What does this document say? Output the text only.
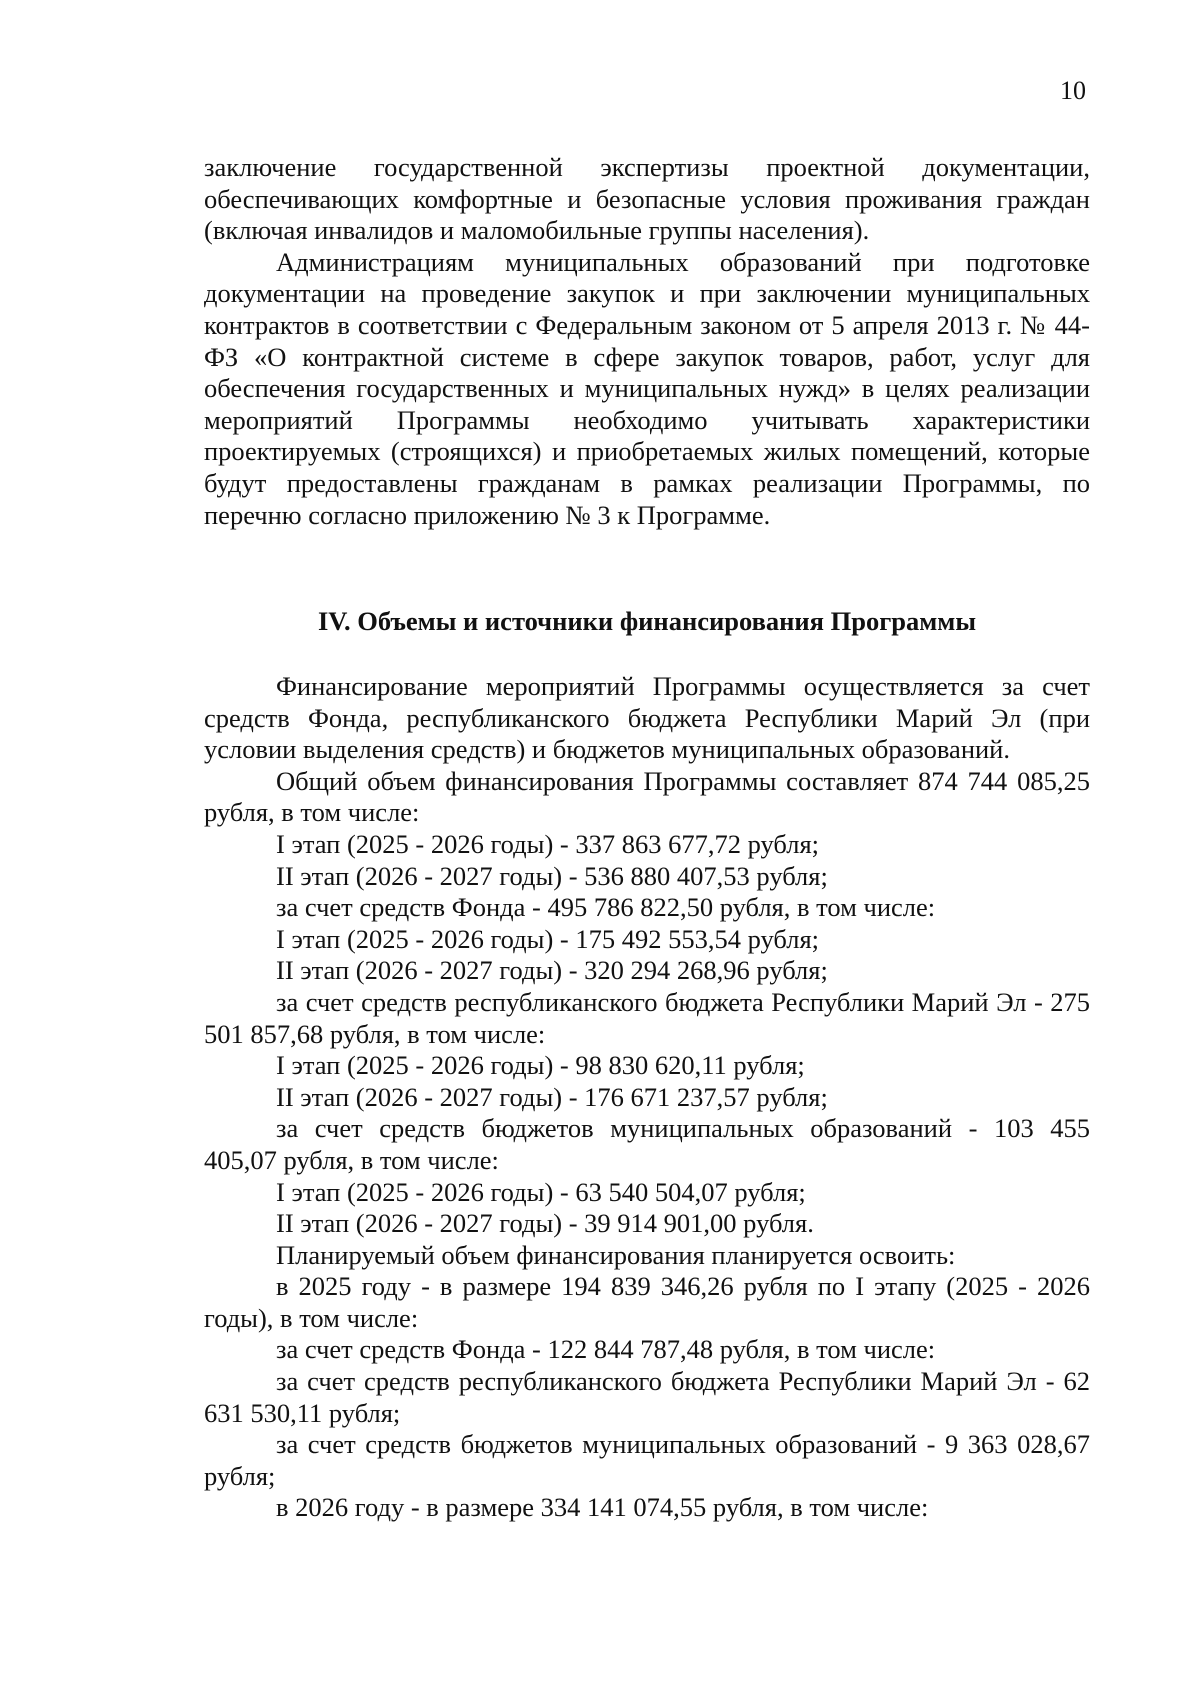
10

заключение государственной экспертизы проектной документации, обеспечивающих комфортные и безопасные условия проживания граждан (включая инвалидов и маломобильные группы населения).

Администрациям муниципальных образований при подготовке документации на проведение закупок и при заключении муниципальных контрактов в соответствии с Федеральным законом от 5 апреля 2013 г. № 44-ФЗ «О контрактной системе в сфере закупок товаров, работ, услуг для обеспечения государственных и муниципальных нужд» в целях реализации мероприятий Программы необходимо учитывать характеристики проектируемых (строящихся) и приобретаемых жилых помещений, которые будут предоставлены гражданам в рамках реализации Программы, по перечню согласно приложению № 3 к Программе.

IV. Объемы и источники финансирования Программы

Финансирование мероприятий Программы осуществляется за счет средств Фонда, республиканского бюджета Республики Марий Эл (при условии выделения средств) и бюджетов муниципальных образований.

Общий объем финансирования Программы составляет 874 744 085,25 рубля, в том числе:

I этап (2025 - 2026 годы) - 337 863 677,72 рубля;

II этап (2026 - 2027 годы) - 536 880 407,53 рубля;

за счет средств Фонда - 495 786 822,50 рубля, в том числе:

I этап (2025 - 2026 годы) - 175 492 553,54 рубля;

II этап (2026 - 2027 годы) - 320 294 268,96 рубля;

за счет средств республиканского бюджета Республики Марий Эл - 275 501 857,68 рубля, в том числе:

I этап (2025 - 2026 годы) - 98 830 620,11 рубля;

II этап (2026 - 2027 годы) - 176 671 237,57 рубля;

за счет средств бюджетов муниципальных образований - 103 455 405,07 рубля, в том числе:

I этап (2025 - 2026 годы) - 63 540 504,07 рубля;

II этап (2026 - 2027 годы) - 39 914 901,00 рубля.

Планируемый объем финансирования планируется освоить:

в 2025 году - в размере 194 839 346,26 рубля по I этапу (2025 - 2026 годы), в том числе:

за счет средств Фонда - 122 844 787,48 рубля, в том числе:

за счет средств республиканского бюджета Республики Марий Эл - 62 631 530,11 рубля;

за счет средств бюджетов муниципальных образований - 9 363 028,67 рубля;

в 2026 году - в размере 334 141 074,55 рубля, в том числе:
